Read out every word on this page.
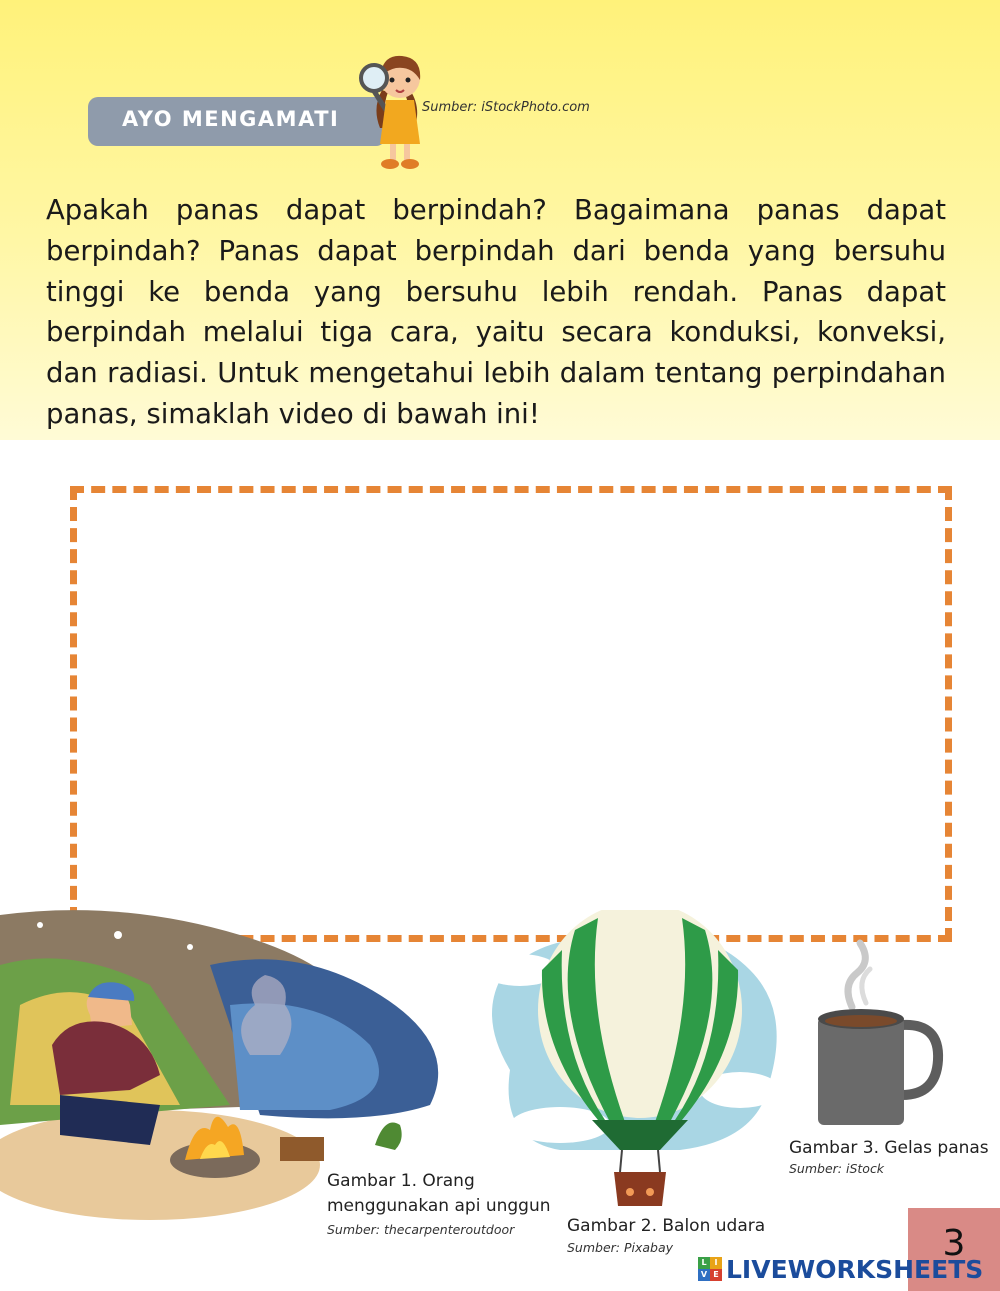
AYO MENGAMATI	Sumber: iStockPhoto.com

Apakah panas dapat berpindah? Bagaimana panas dapat berpindah? Panas dapat berpindah dari benda yang bersuhu tinggi ke benda yang bersuhu lebih rendah. Panas dapat berpindah melalui tiga cara, yaitu secara konduksi, konveksi, dan radiasi. Untuk mengetahui lebih dalam tentang perpindahan panas, simaklah video di bawah ini!

Gambar 1. Orang
menggunakan api unggun
Sumber: thecarpenteroutdoor	Gambar 2. Balon udara
Sumber: Pixabay
Gambar 3. Gelas panas
Sumber: iStock
3
L I
V E LIVEWORKSHEETS
